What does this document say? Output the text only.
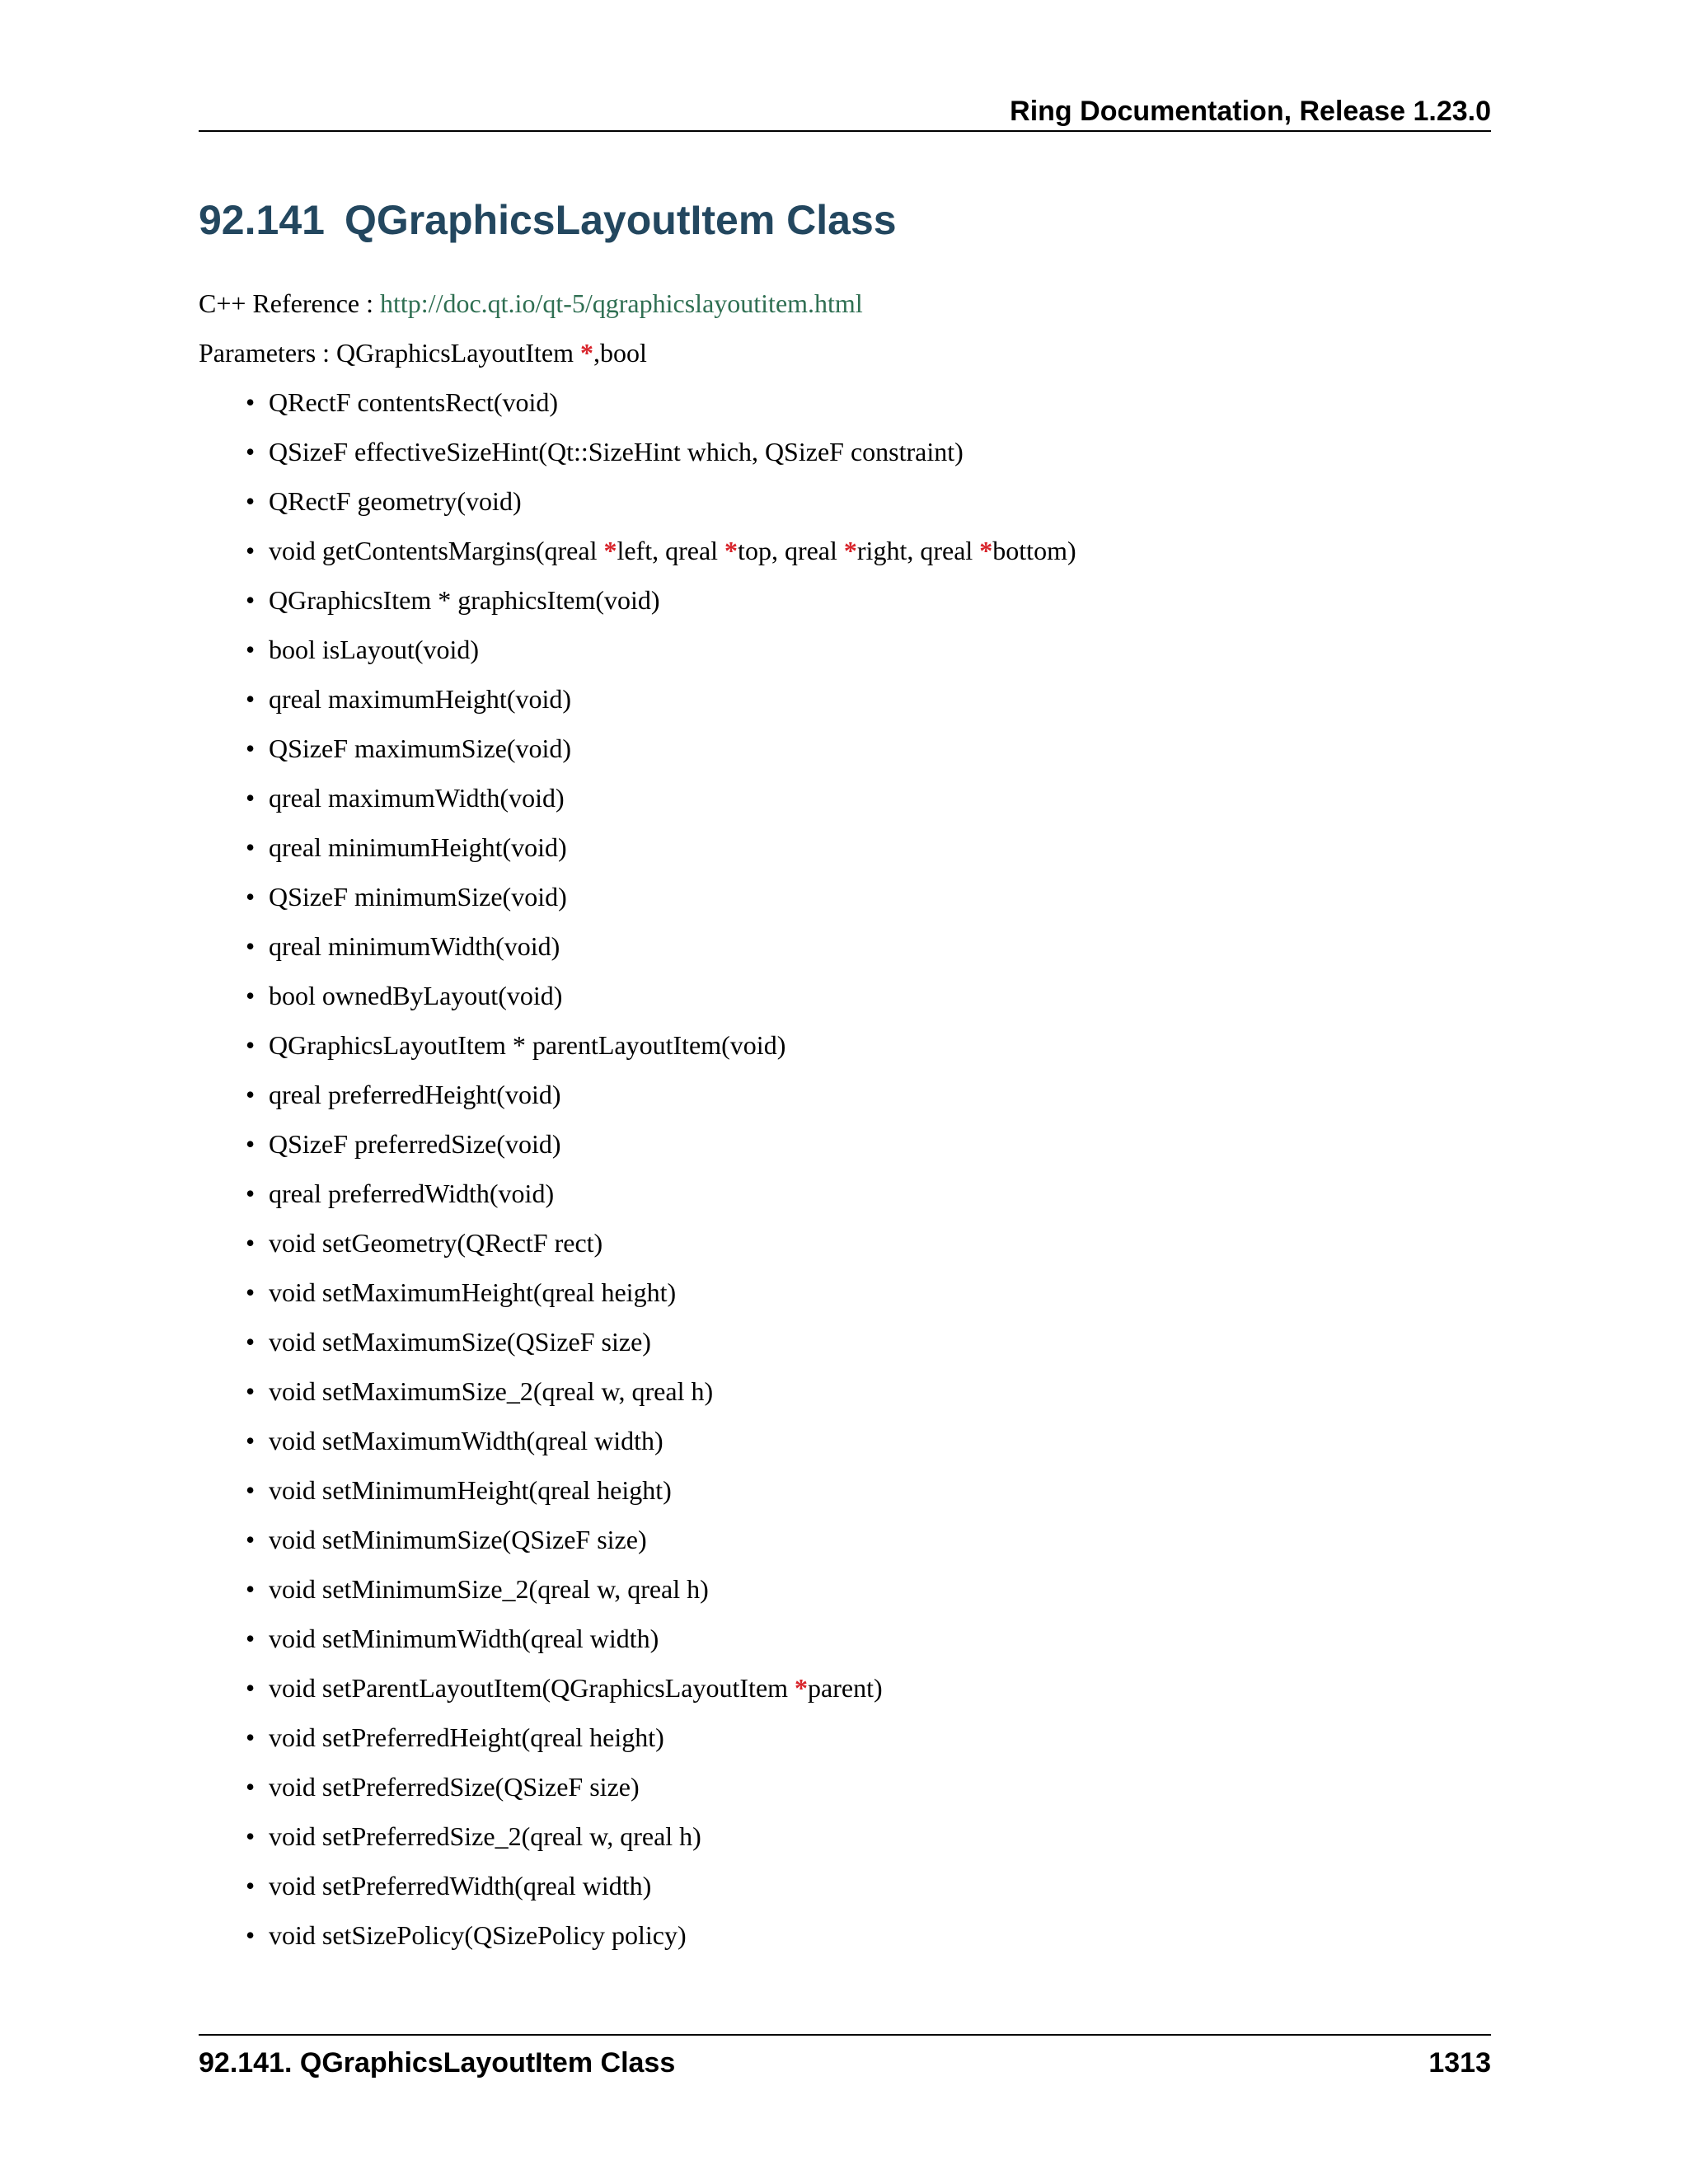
Ring Documentation, Release 1.23.0
92.141 QGraphicsLayoutItem Class
C++ Reference : http://doc.qt.io/qt-5/qgraphicslayoutitem.html
Parameters : QGraphicsLayoutItem *,bool
• QRectF contentsRect(void)
• QSizeF effectiveSizeHint(Qt::SizeHint which, QSizeF constraint)
• QRectF geometry(void)
• void getContentsMargins(qreal *left, qreal *top, qreal *right, qreal *bottom)
• QGraphicsItem * graphicsItem(void)
• bool isLayout(void)
• qreal maximumHeight(void)
• QSizeF maximumSize(void)
• qreal maximumWidth(void)
• qreal minimumHeight(void)
• QSizeF minimumSize(void)
• qreal minimumWidth(void)
• bool ownedByLayout(void)
• QGraphicsLayoutItem * parentLayoutItem(void)
• qreal preferredHeight(void)
• QSizeF preferredSize(void)
• qreal preferredWidth(void)
• void setGeometry(QRectF rect)
• void setMaximumHeight(qreal height)
• void setMaximumSize(QSizeF size)
• void setMaximumSize_2(qreal w, qreal h)
• void setMaximumWidth(qreal width)
• void setMinimumHeight(qreal height)
• void setMinimumSize(QSizeF size)
• void setMinimumSize_2(qreal w, qreal h)
• void setMinimumWidth(qreal width)
• void setParentLayoutItem(QGraphicsLayoutItem *parent)
• void setPreferredHeight(qreal height)
• void setPreferredSize(QSizeF size)
• void setPreferredSize_2(qreal w, qreal h)
• void setPreferredWidth(qreal width)
• void setSizePolicy(QSizePolicy policy)
92.141. QGraphicsLayoutItem Class	1313
